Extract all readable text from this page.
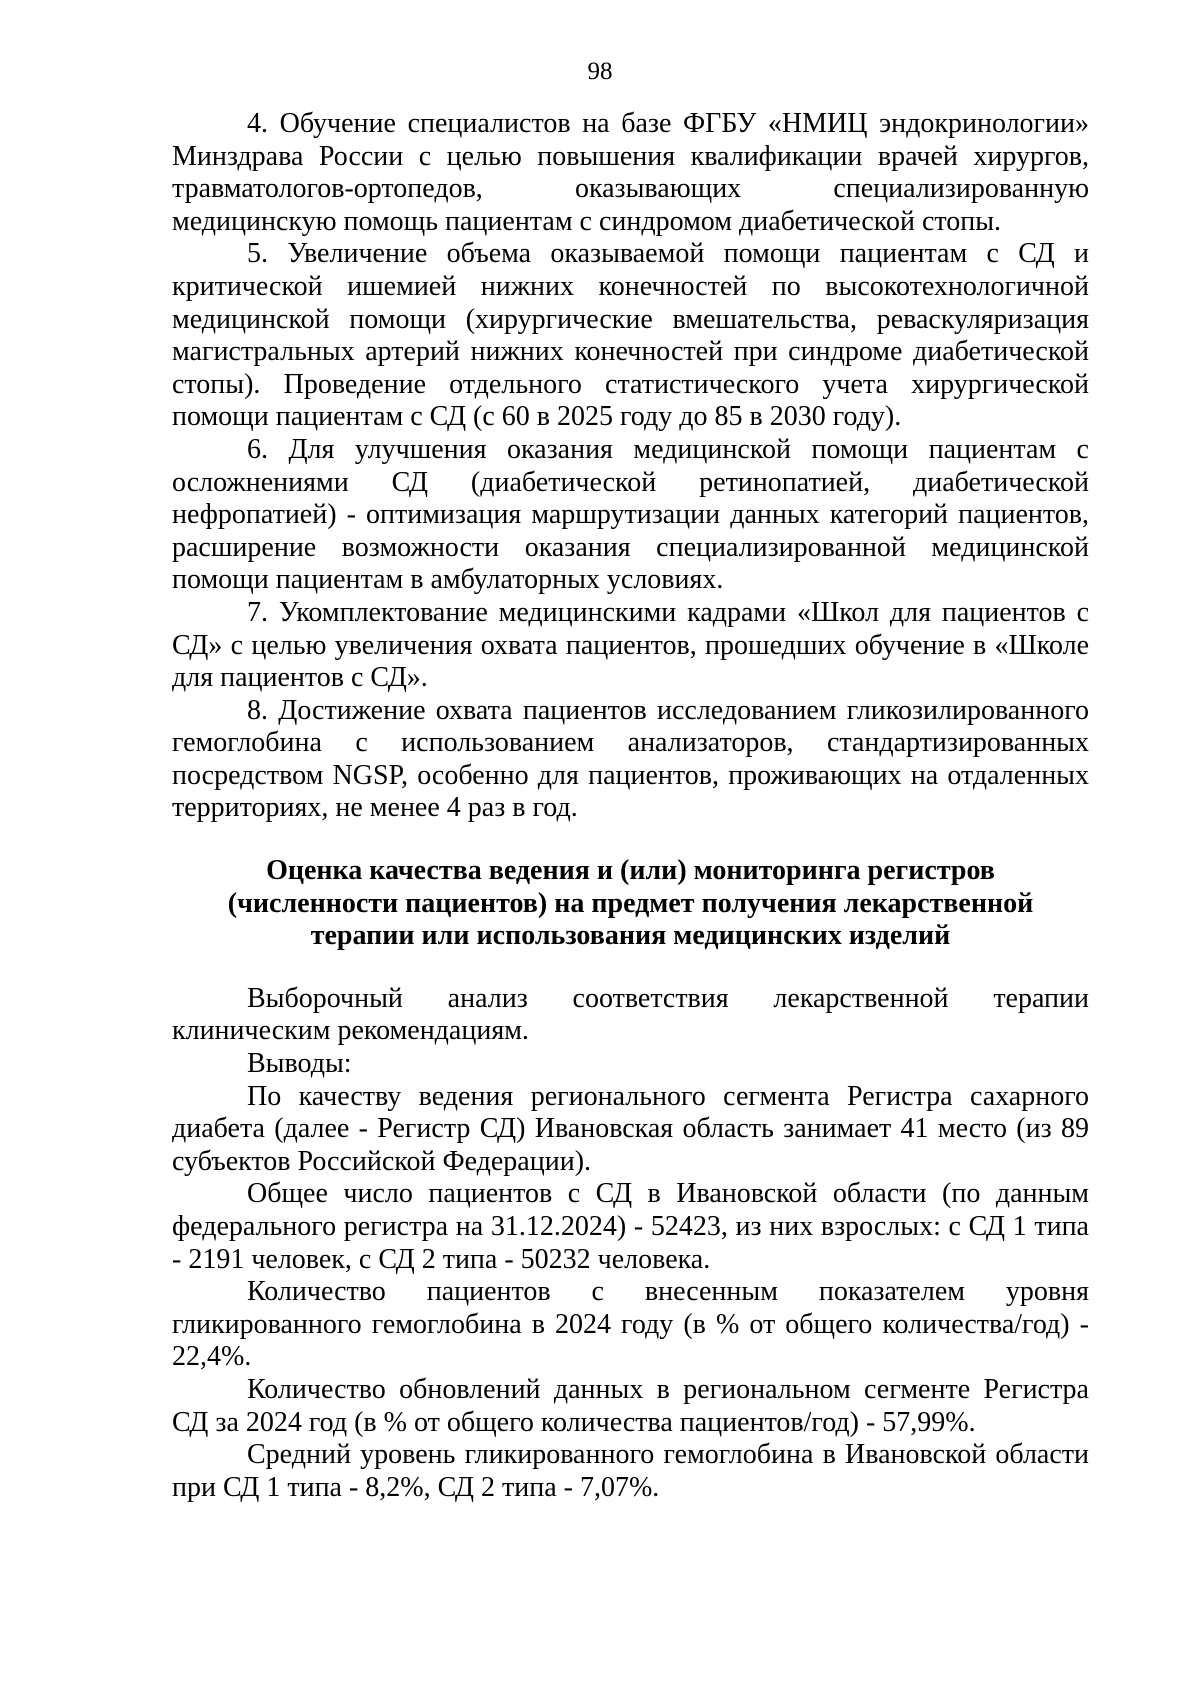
98

4. Обучение специалистов на базе ФГБУ «НМИЦ эндокринологии» Минздрава России с целью повышения квалификации врачей хирургов, травматологов-ортопедов, оказывающих специализированную медицинскую помощь пациентам с синдромом диабетической стопы.

5. Увеличение объема оказываемой помощи пациентам с СД и критической ишемией нижних конечностей по высокотехнологичной медицинской помощи (хирургические вмешательства, реваскуляризация магистральных артерий нижних конечностей при синдроме диабетической стопы). Проведение отдельного статистического учета хирургической помощи пациентам с СД (с 60 в 2025 году до 85 в 2030 году).

6. Для улучшения оказания медицинской помощи пациентам с осложнениями СД (диабетической ретинопатией, диабетической нефропатией) - оптимизация маршрутизации данных категорий пациентов, расширение возможности оказания специализированной медицинской помощи пациентам в амбулаторных условиях.

7. Укомплектование медицинскими кадрами «Школ для пациентов с СД» с целью увеличения охвата пациентов, прошедших обучение в «Школе для пациентов с СД».

8. Достижение охвата пациентов исследованием гликозилированного гемоглобина с использованием анализаторов, стандартизированных посредством NGSP, особенно для пациентов, проживающих на отдаленных территориях, не менее 4 раз в год.

Оценка качества ведения и (или) мониторинга регистров
(численности пациентов) на предмет получения лекарственной
терапии или использования медицинских изделий

Выборочный анализ соответствия лекарственной терапии клиническим рекомендациям.

Выводы:

По качеству ведения регионального сегмента Регистра сахарного диабета (далее - Регистр СД) Ивановская область занимает 41 место (из 89 субъектов Российской Федерации).

Общее число пациентов с СД в Ивановской области (по данным федерального регистра на 31.12.2024) - 52423, из них взрослых: с СД 1 типа - 2191 человек, с СД 2 типа - 50232 человека.

Количество пациентов с внесенным показателем уровня гликированного гемоглобина в 2024 году (в % от общего количества/год) - 22,4%.

Количество обновлений данных в региональном сегменте Регистра СД за 2024 год (в % от общего количества пациентов/год) - 57,99%.

Средний уровень гликированного гемоглобина в Ивановской области при СД 1 типа - 8,2%, СД 2 типа - 7,07%.
